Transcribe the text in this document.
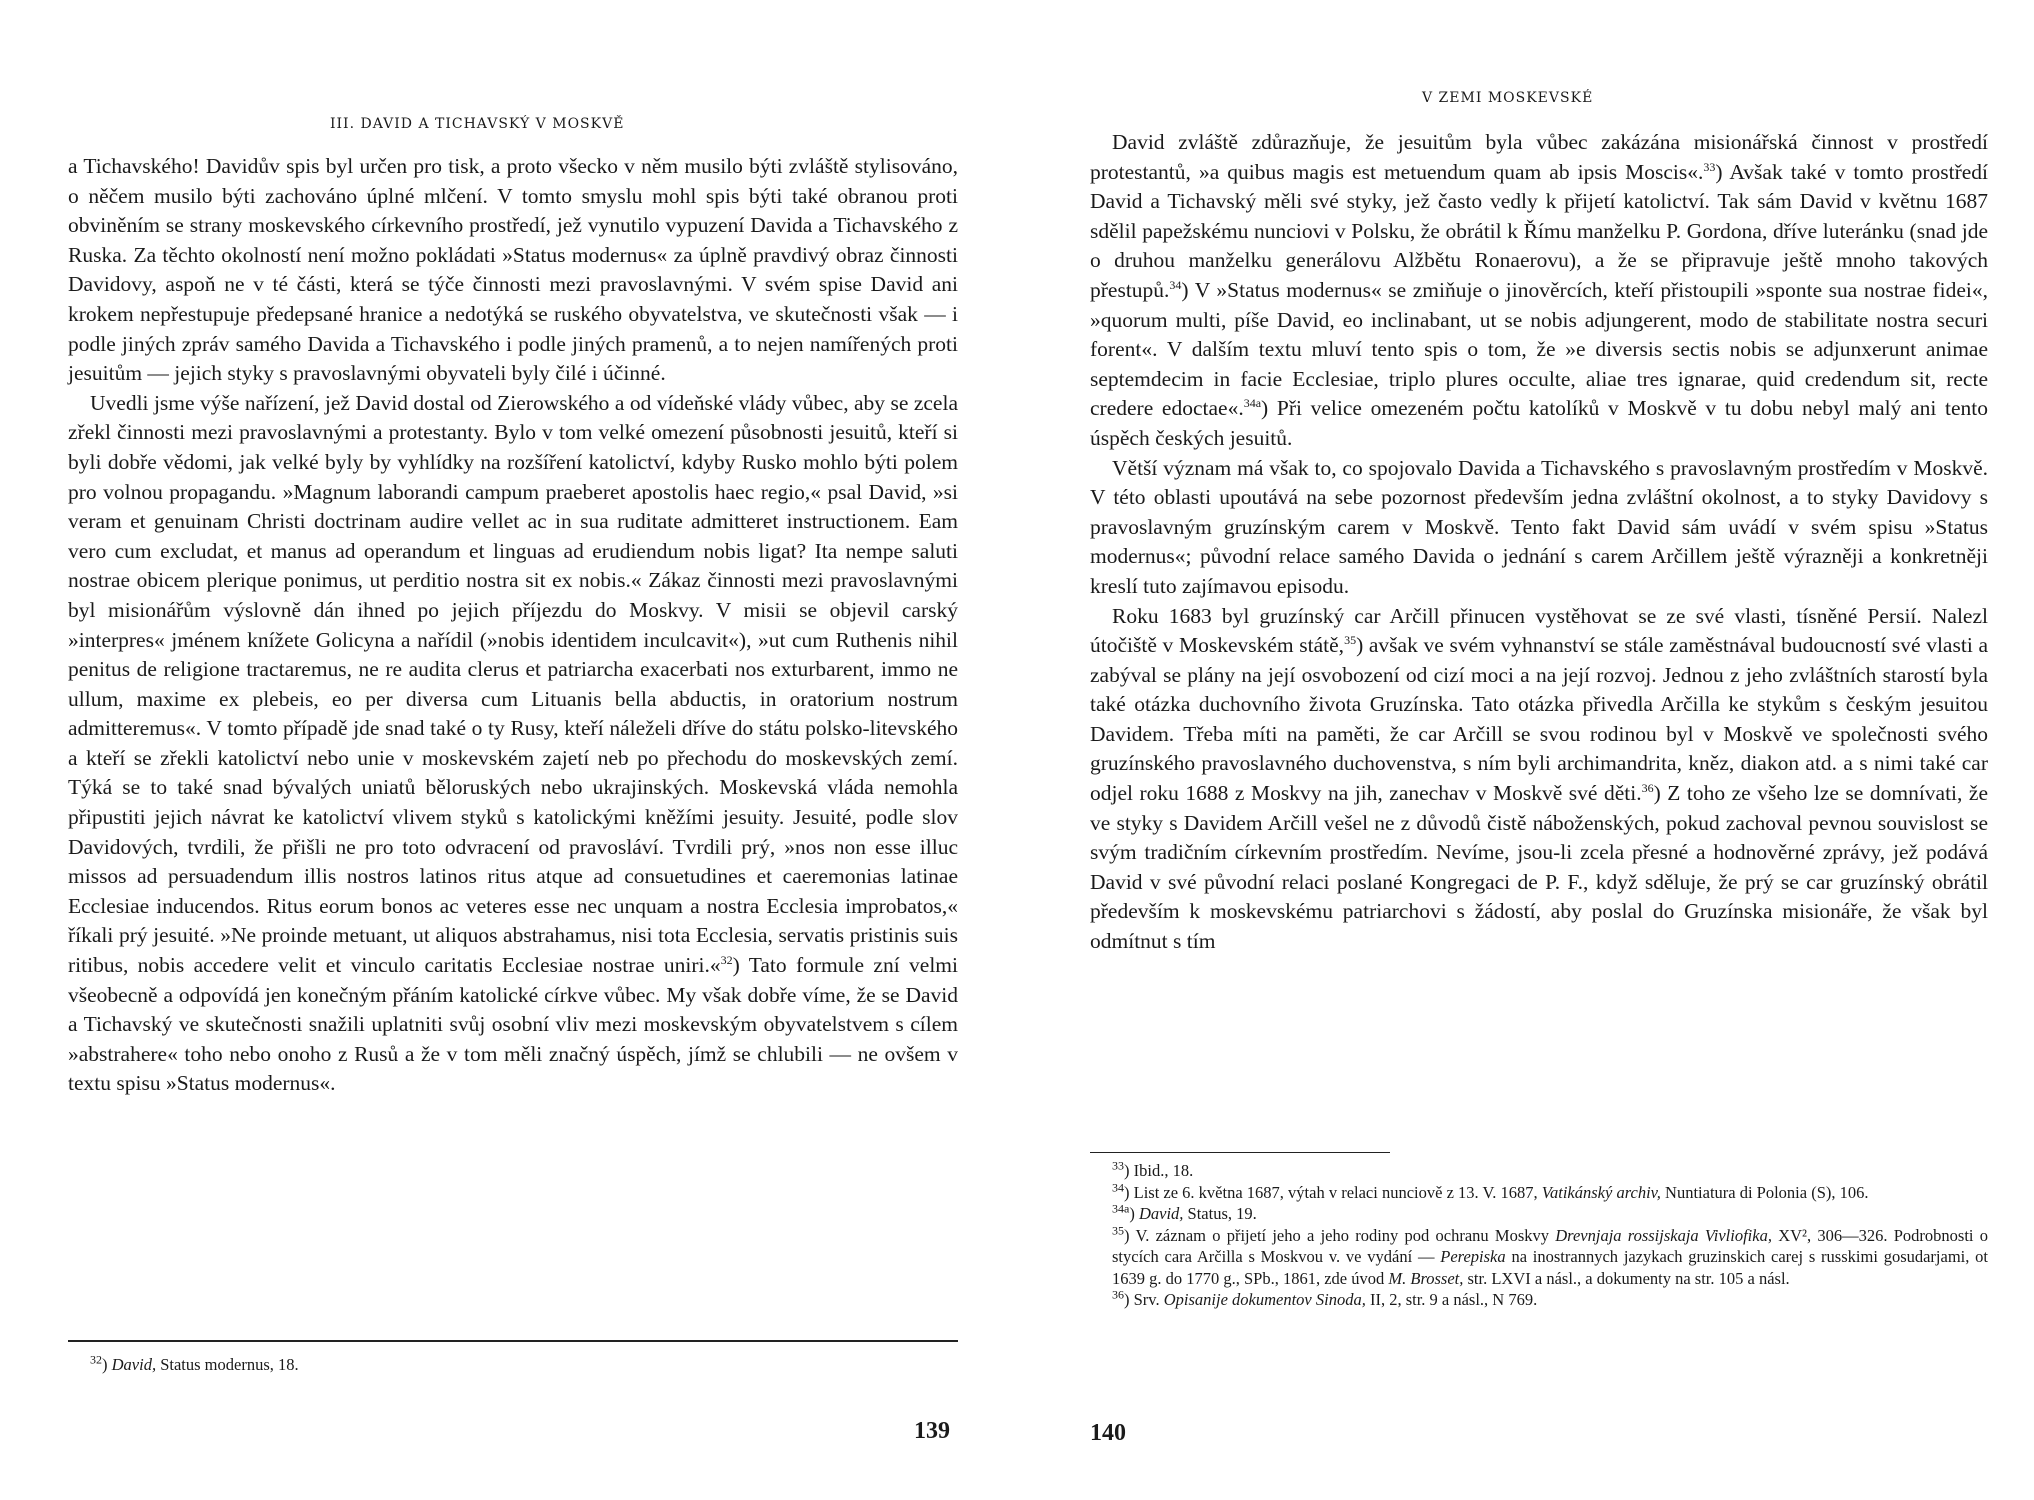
III. DAVID A TICHAVSKÝ V MOSKVĚ

a Tichavského! Davidův spis byl určen pro tisk, a proto všecko v něm musilo býti zvláště stylisováno, o něčem musilo býti zachováno úplné mlčení. V tomto smyslu mohl spis býti také obranou proti obviněním se strany moskevského církevního prostředí, jež vynutilo vypuzení Davida a Tichavského z Ruska. Za těchto okolností není možno pokládati »Status modernus« za úplně pravdivý obraz činnosti Davidovy, aspoň ne v té části, která se týče činnosti mezi pravoslavnými. V svém spise David ani krokem nepřestupuje předepsané hranice a nedotýká se ruského obyvatelstva, ve skutečnosti však — i podle jiných zpráv samého Davida a Tichavského i podle jiných pramenů, a to nejen namířených proti jesuitům — jejich styky s pravoslavnými obyvateli byly čilé i účinné.

Uvedli jsme výše nařízení, jež David dostal od Zierowského a od vídeňské vlády vůbec, aby se zcela zřekl činnosti mezi pravoslavnými a protestanty. Bylo v tom velké omezení působnosti jesuitů, kteří si byli dobře vědomi, jak velké byly by vyhlídky na rozšíření katolictví, kdyby Rusko mohlo býti polem pro volnou propagandu. »Magnum laborandi campum praeberet apostolis haec regio,« psal David, »si veram et genuinam Christi doctrinam audire vellet ac in sua ruditate admitteret instructionem. Eam vero cum excludat, et manus ad operandum et linguas ad erudiendum nobis ligat? Ita nempe saluti nostrae obicem plerique ponimus, ut perditio nostra sit ex nobis.« Zákaz činnosti mezi pravoslavnými byl misionářům výslovně dán ihned po jejich příjezdu do Moskvy. V misii se objevil carský »interpres« jménem knížete Golicyna a nařídil (»nobis identidem inculcavit«), »ut cum Ruthenis nihil penitus de religione tractaremus, ne re audita clerus et patriarcha exacerbati nos exturbarent, immo ne ullum, maxime ex plebeis, eo per diversa cum Lituanis bella abductis, in oratorium nostrum admitteremus«. V tomto případě jde snad také o ty Rusy, kteří náleželi dříve do státu polsko-litevského a kteří se zřekli katolictví nebo unie v moskevském zajetí neb po přechodu do moskevských zemí. Týká se to také snad bývalých uniatů běloruských nebo ukrajinských. Moskevská vláda nemohla připustiti jejich návrat ke katolictví vlivem styků s katolickými kněžími jesuity. Jesuité, podle slov Davidových, tvrdili, že přišli ne pro toto odvracení od pravosláví. Tvrdili prý, »nos non esse illuc missos ad persuadendum illis nostros latinos ritus atque ad consuetudines et caeremonias latinae Ecclesiae inducendos. Ritus eorum bonos ac veteres esse nec unquam a nostra Ecclesia improbatos,« říkali prý jesuité. »Ne proinde metuant, ut aliquos abstrahamus, nisi tota Ecclesia, servatis pristinis suis ritibus, nobis accedere velit et vinculo caritatis Ecclesiae nostrae uniri.«$^{32}$) Tato formule zní velmi všeobecně a odpovídá jen konečným přáním katolické církve vůbec. My však dobře víme, že se David a Tichavský ve skutečnosti snažili uplatniti svůj osobní vliv mezi moskevským obyvatelstvem s cílem »abstrahere« toho nebo onoho z Rusů a že v tom měli značný úspěch, jímž se chlubili — ne ovšem v textu spisu »Status modernus«.

$^{32}$) David, Status modernus, 18.

139
V ZEMI MOSKEVSKÉ

David zvláště zdůrazňuje, že jesuitům byla vůbec zakázána misionářská činnost v prostředí protestantů, »a quibus magis est metuendum quam ab ipsis Moscis«.$^{33}$) Avšak také v tomto prostředí David a Tichavský měli své styky, jež často vedly k přijetí katolictví. Tak sám David v květnu 1687 sdělil papežskému nunciovi v Polsku, že obrátil k Římu manželku P. Gordona, dříve luteránku (snad jde o druhou manželku generálovu Alžbětu Ronaerovu), a že se připravuje ještě mnoho takových přestupů.$^{34}$) V »Status modernus« se zmiňuje o jinověrcích, kteří přistoupili »sponte sua nostrae fidei«, »quorum multi, píše David, eo inclinabant, ut se nobis adjungerent, modo de stabilitate nostra securi forent«. V dalším textu mluví tento spis o tom, že »e diversis sectis nobis se adjunxerunt animae septemdecim in facie Ecclesiae, triplo plures occulte, aliae tres ignarae, quid credendum sit, recte credere edoctae«.$^{34a}$) Při velice omezeném počtu katolíků v Moskvě v tu dobu nebyl malý ani tento úspěch českých jesuitů.

Větší význam má však to, co spojovalo Davida a Tichavského s pravoslavným prostředím v Moskvě. V této oblasti upoutává na sebe pozornost především jedna zvláštní okolnost, a to styky Davidovy s pravoslavným gruzínským carem v Moskvě. Tento fakt David sám uvádí v svém spisu »Status modernus«; původní relace samého Davida o jednání s carem Arčillem ještě výrazněji a konkretněji kreslí tuto zajímavou episodu.

Roku 1683 byl gruzínský car Arčill přinucen vystěhovat se ze své vlasti, tísněné Persií. Nalezl útočiště v Moskevském státě,$^{35}$) avšak ve svém vyhnanství se stále zaměstnával budoucností své vlasti a zabýval se plány na její osvobození od cizí moci a na její rozvoj. Jednou z jeho zvláštních starostí byla také otázka duchovního života Gruzínska. Tato otázka přivedla Arčilla ke stykům s českým jesuitou Davidem. Třeba míti na paměti, že car Arčill se svou rodinou byl v Moskvě ve společnosti svého gruzínského pravoslavného duchovenstva, s ním byli archimandrita, kněz, diakon atd. a s nimi také car odjel roku 1688 z Moskvy na jih, zanechav v Moskvě své děti.$^{36}$) Z toho ze všeho lze se domnívati, že ve styky s Davidem Arčill vešel ne z důvodů čistě náboženských, pokud zachoval pevnou souvislost se svým tradičním církevním prostředím. Nevíme, jsou-li zcela přesné a hodnověrné zprávy, jež podává David v své původní relaci poslané Kongregaci de P. F., když sděluje, že prý se car gruzínský obrátil především k moskevskému patriarchovi s žádostí, aby poslal do Gruzínska misionáře, že však byl odmítnut s tím

$^{33}$) Ibid., 18.

$^{34}$) List ze 6. května 1687, výtah v relaci nunciově z 13. V. 1687, Vatikánský archiv, Nuntiatura di Polonia (S), 106.

$^{34a}$) David, Status, 19.

$^{35}$) V. záznam o přijetí jeho a jeho rodiny pod ochranu Moskvy Drevnjaja rossijskaja Vivliofika, XV², 306—326. Podrobnosti o stycích cara Arčilla s Moskvou v. ve vydání — Perepiska na inostrannych jazykach gruzinskich carej s russkimi gosudarjami, ot 1639 g. do 1770 g., SPb., 1861, zde úvod M. Brosset, str. LXVI a násl., a dokumenty na str. 105 a násl.

$^{36}$) Srv. Opisanije dokumentov Sinoda, II, 2, str. 9 a násl., N 769.

140
